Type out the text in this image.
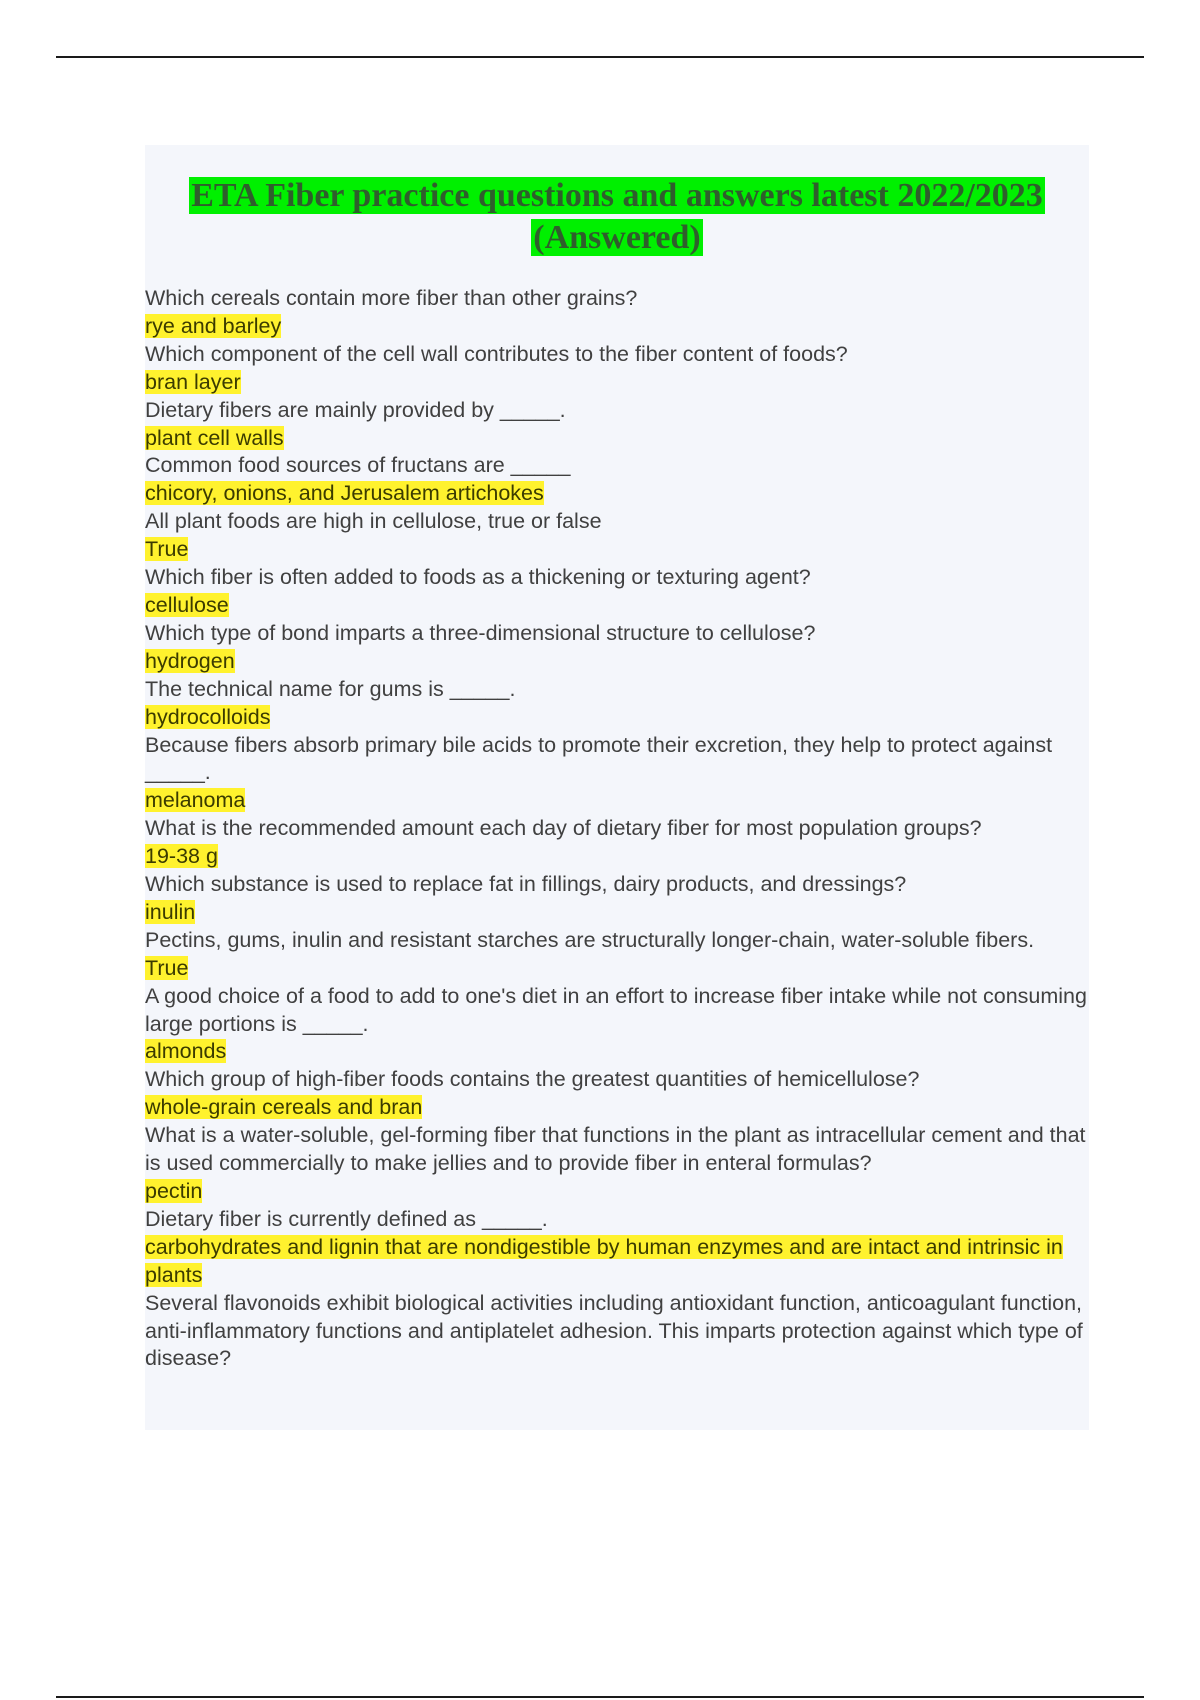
ETA Fiber practice questions and answers latest 2022/2023 (Answered)
Which cereals contain more fiber than other grains?
rye and barley
Which component of the cell wall contributes to the fiber content of foods?
bran layer
Dietary fibers are mainly provided by _____.
plant cell walls
Common food sources of fructans are _____
chicory, onions, and Jerusalem artichokes
All plant foods are high in cellulose, true or false
True
Which fiber is often added to foods as a thickening or texturing agent?
cellulose
Which type of bond imparts a three-dimensional structure to cellulose?
hydrogen
The technical name for gums is _____.
hydrocolloids
Because fibers absorb primary bile acids to promote their excretion, they help to protect against _____.
melanoma
What is the recommended amount each day of dietary fiber for most population groups?
19-38 g
Which substance is used to replace fat in fillings, dairy products, and dressings?
inulin
Pectins, gums, inulin and resistant starches are structurally longer-chain, water-soluble fibers.
True
A good choice of a food to add to one's diet in an effort to increase fiber intake while not consuming large portions is _____.
almonds
Which group of high-fiber foods contains the greatest quantities of hemicellulose?
whole-grain cereals and bran
What is a water-soluble, gel-forming fiber that functions in the plant as intracellular cement and that is used commercially to make jellies and to provide fiber in enteral formulas?
pectin
Dietary fiber is currently defined as _____.
carbohydrates and lignin that are nondigestible by human enzymes and are intact and intrinsic in plants
Several flavonoids exhibit biological activities including antioxidant function, anticoagulant function, anti-inflammatory functions and antiplatelet adhesion. This imparts protection against which type of disease?
